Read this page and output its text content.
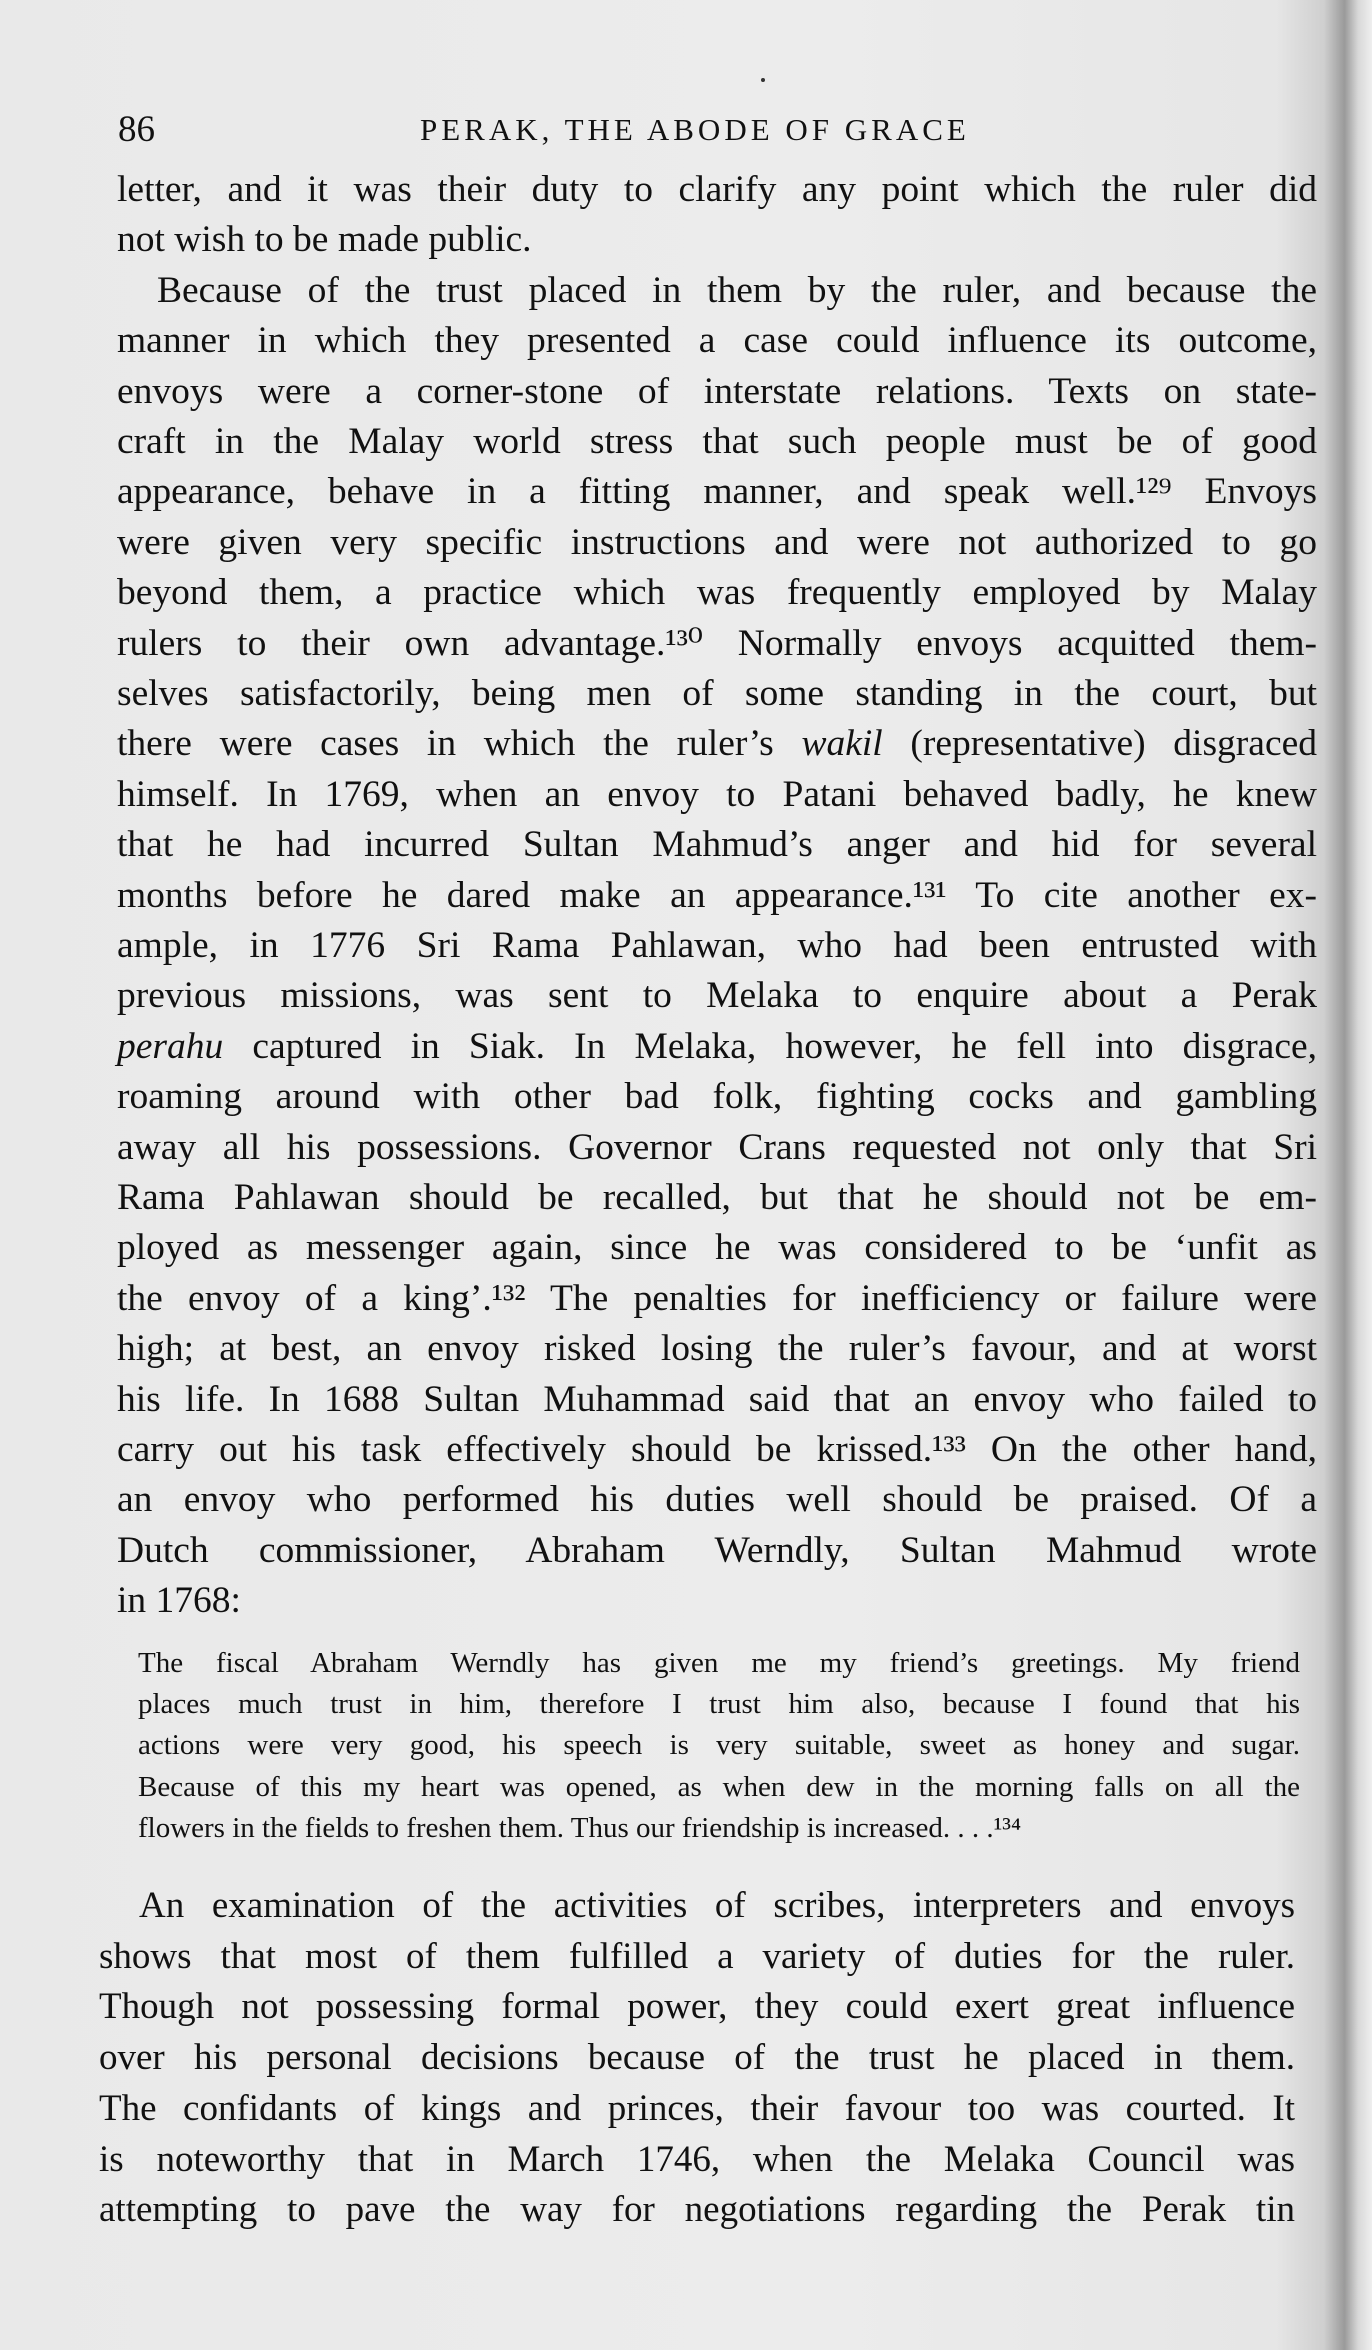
86	PERAK, THE ABODE OF GRACE
letter, and it was their duty to clarify any point which the ruler did
not wish to be made public.
Because of the trust placed in them by the ruler, and because the
manner in which they presented a case could influence its outcome,
envoys were a corner-stone of interstate relations. Texts on state-
craft in the Malay world stress that such people must be of good
appearance, behave in a fitting manner, and speak well.¹²⁹ Envoys
were given very specific instructions and were not authorized to go
beyond them, a practice which was frequently employed by Malay
rulers to their own advantage.¹³⁰ Normally envoys acquitted them-
selves satisfactorily, being men of some standing in the court, but
there were cases in which the ruler’s wakil (representative) disgraced
himself. In 1769, when an envoy to Patani behaved badly, he knew
that he had incurred Sultan Mahmud’s anger and hid for several
months before he dared make an appearance.¹³¹ To cite another ex-
ample, in 1776 Sri Rama Pahlawan, who had been entrusted with
previous missions, was sent to Melaka to enquire about a Perak
perahu captured in Siak. In Melaka, however, he fell into disgrace,
roaming around with other bad folk, fighting cocks and gambling
away all his possessions. Governor Crans requested not only that Sri
Rama Pahlawan should be recalled, but that he should not be em-
ployed as messenger again, since he was considered to be ‘unfit as
the envoy of a king’.¹³² The penalties for inefficiency or failure were
high; at best, an envoy risked losing the ruler’s favour, and at worst
his life. In 1688 Sultan Muhammad said that an envoy who failed to
carry out his task effectively should be krissed.¹³³ On the other hand,
an envoy who performed his duties well should be praised. Of a
Dutch commissioner, Abraham Werndly, Sultan Mahmud wrote
in 1768:
The fiscal Abraham Werndly has given me my friend’s greetings. My friend
places much trust in him, therefore I trust him also, because I found that his
actions were very good, his speech is very suitable, sweet as honey and sugar.
Because of this my heart was opened, as when dew in the morning falls on all the
flowers in the fields to freshen them. Thus our friendship is increased. . . .¹³⁴
An examination of the activities of scribes, interpreters and envoys
shows that most of them fulfilled a variety of duties for the ruler.
Though not possessing formal power, they could exert great influence
over his personal decisions because of the trust he placed in them.
The confidants of kings and princes, their favour too was courted. It
is noteworthy that in March 1746, when the Melaka Council was
attempting to pave the way for negotiations regarding the Perak tin
